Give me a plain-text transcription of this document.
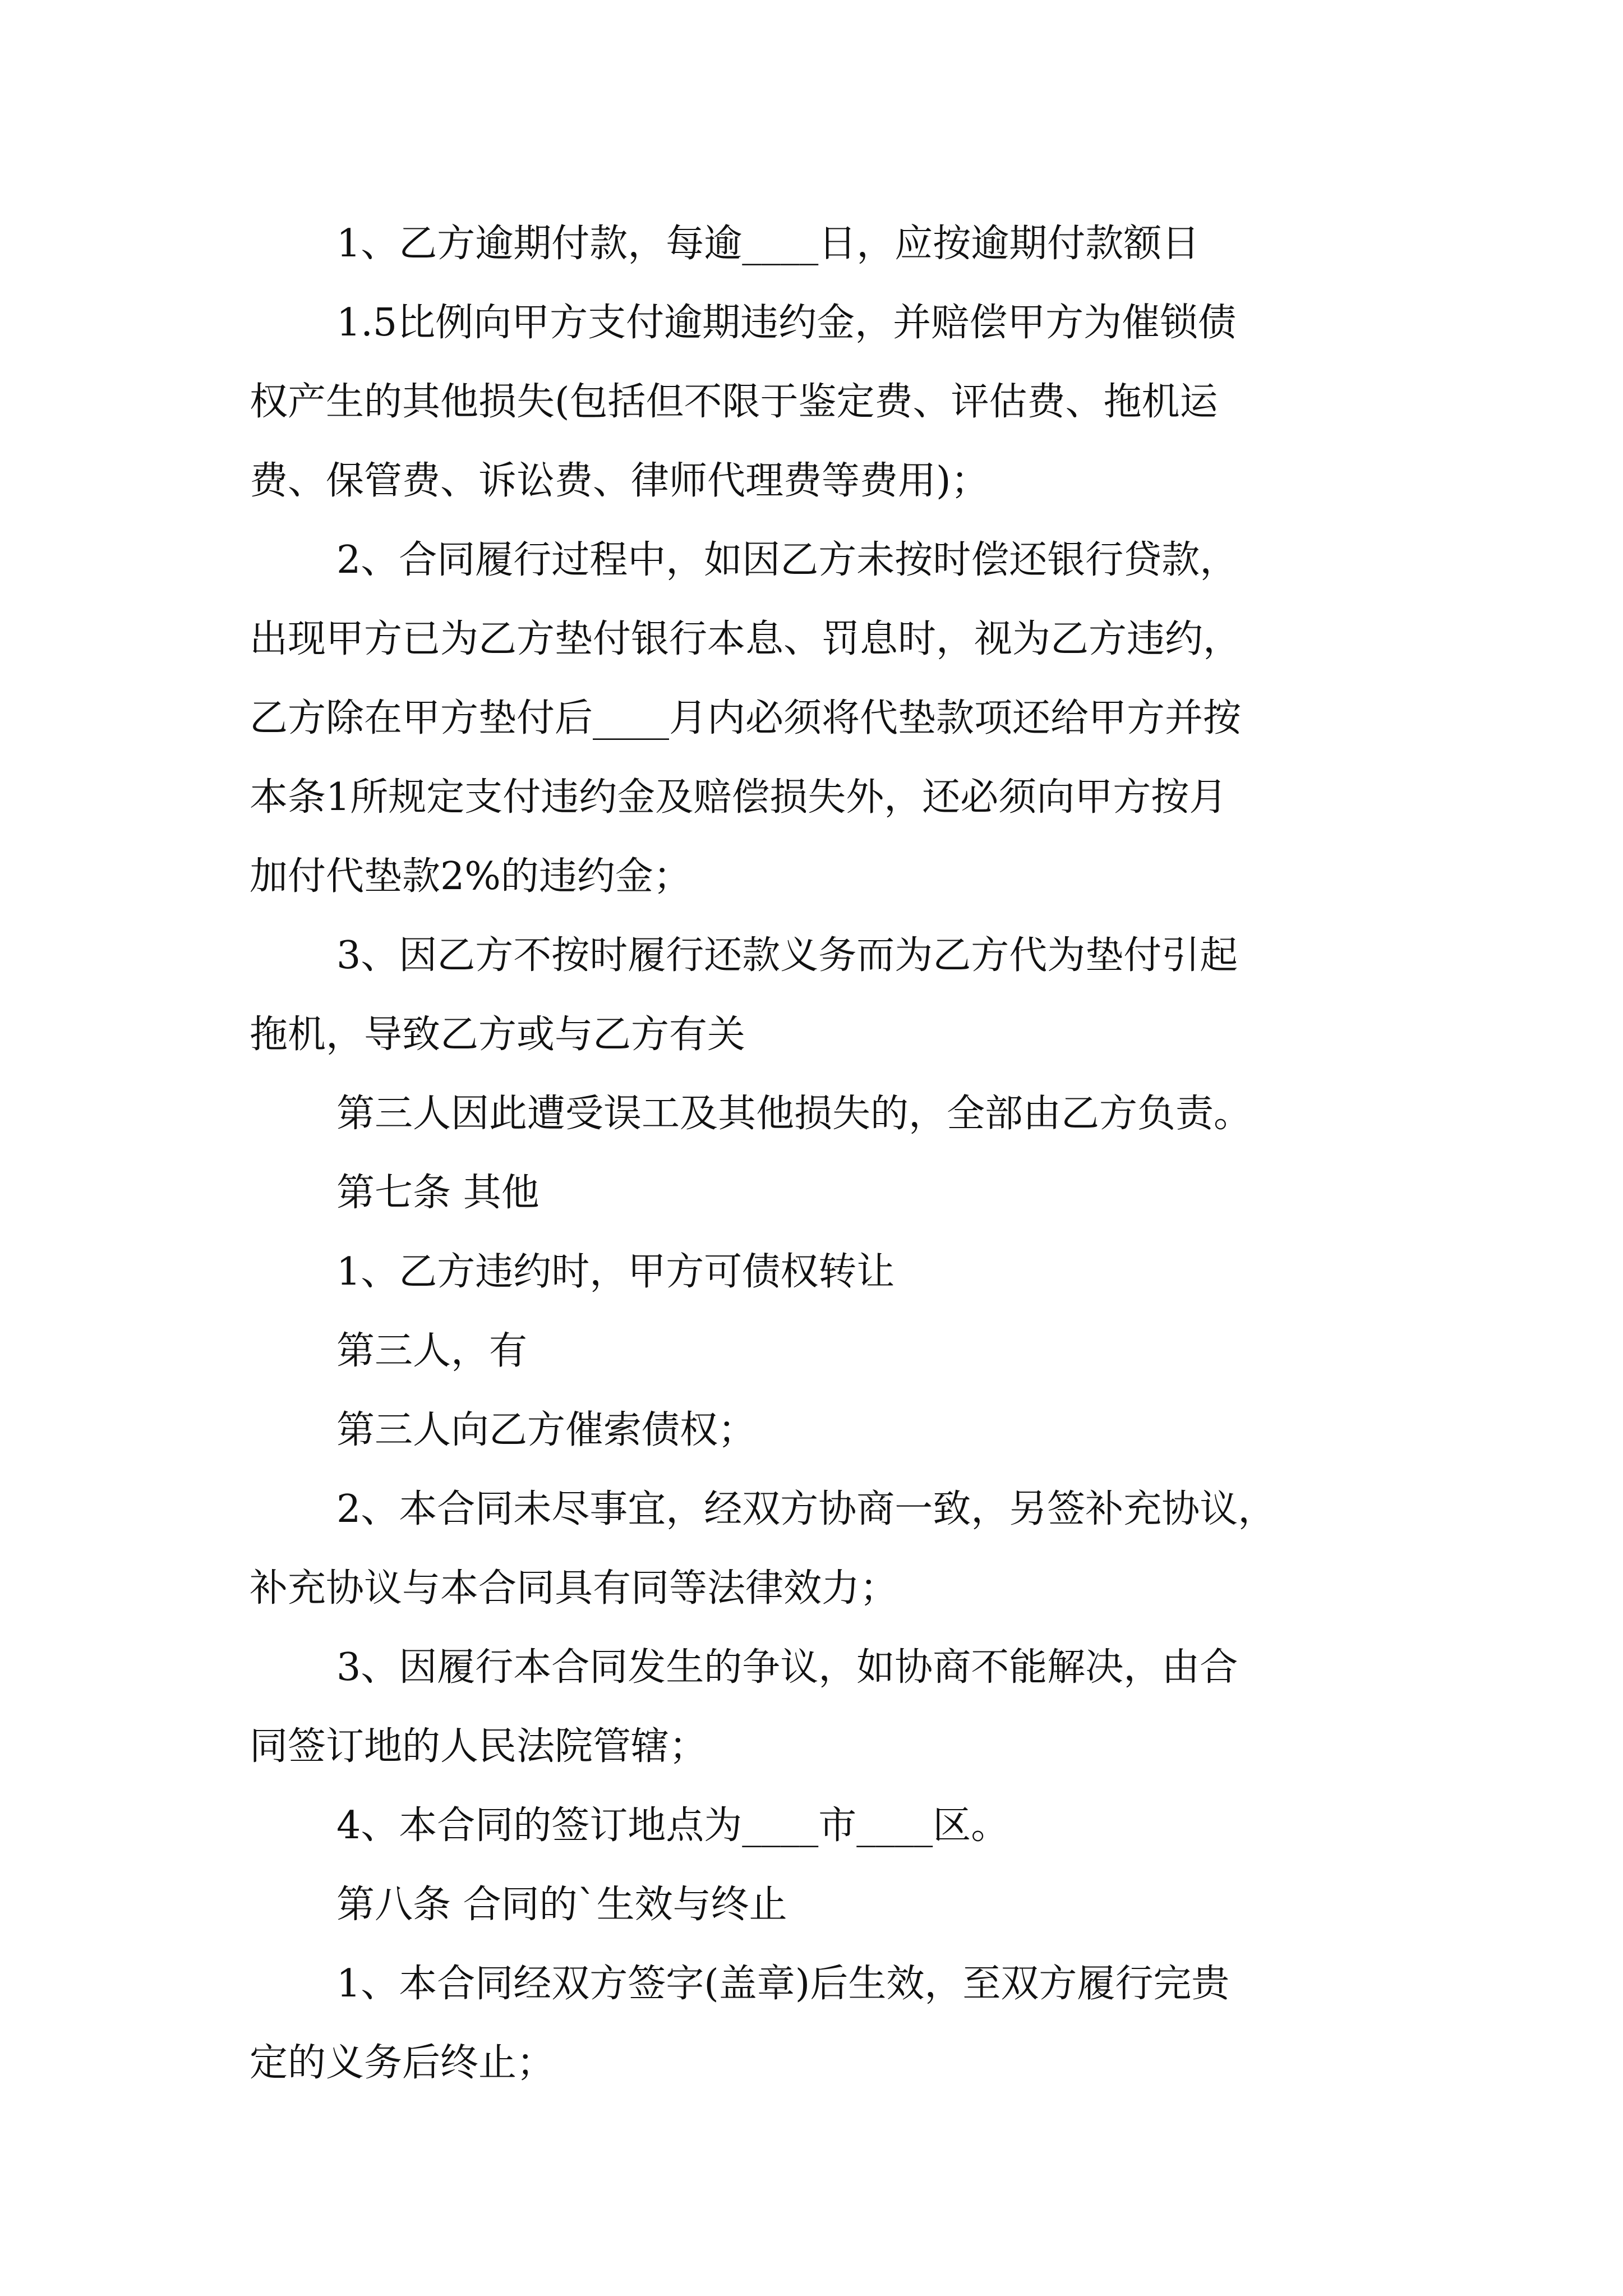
1、乙方逾期付款，每逾____日，应按逾期付款额日
1.5比例向甲方支付逾期违约金，并赔偿甲方为催锁债
权产生的其他损失(包括但不限于鉴定费、评估费、拖机运
费、保管费、诉讼费、律师代理费等费用)；
2、合同履行过程中，如因乙方未按时偿还银行贷款，
出现甲方已为乙方垫付银行本息、罚息时，视为乙方违约，
乙方除在甲方垫付后____月内必须将代垫款项还给甲方并按
本条1所规定支付违约金及赔偿损失外，还必须向甲方按月
加付代垫款2%的违约金；
3、因乙方不按时履行还款义务而为乙方代为垫付引起
拖机，导致乙方或与乙方有关
第三人因此遭受误工及其他损失的，全部由乙方负责。
第七条 其他
1、乙方违约时，甲方可债权转让
第三人，有
第三人向乙方催索债权；
2、本合同未尽事宜，经双方协商一致，另签补充协议，
补充协议与本合同具有同等法律效力；
3、因履行本合同发生的争议，如协商不能解决，由合
同签订地的人民法院管辖；
4、本合同的签订地点为____市____区。
第八条 合同的`生效与终止
1、本合同经双方签字(盖章)后生效，至双方履行完贵
定的义务后终止；
